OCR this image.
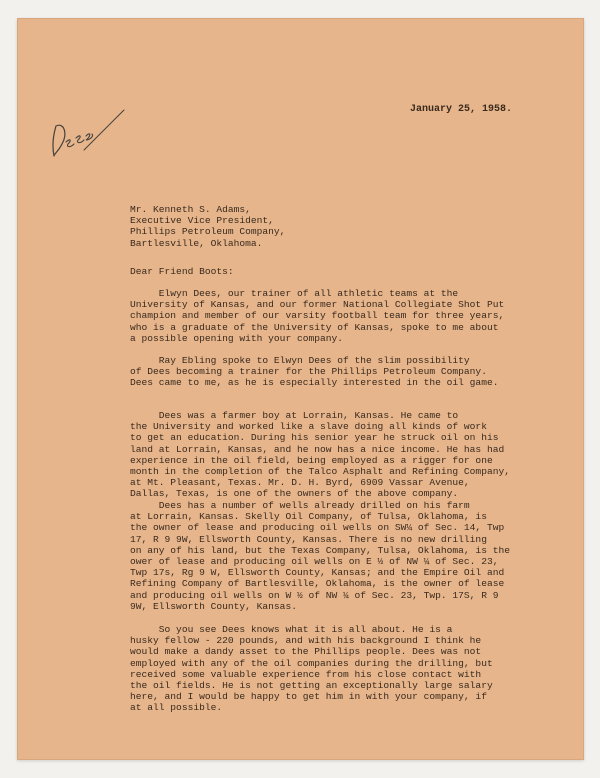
January 25, 1958.

Mr. Kenneth S. Adams,
Executive Vice President,
Phillips Petroleum Company,
Bartlesville, Oklahoma.

Dear Friend Boots:

Elwyn Dees, our trainer of all athletic teams at the
University of Kansas, and our former National Collegiate Shot Put
champion and member of our varsity football team for three years,
who is a graduate of the University of Kansas, spoke to me about
a possible opening with your company.
Ray Ebling spoke to Elwyn Dees of the slim possibility
of Dees becoming a trainer for the Phillips Petroleum Company.
Dees came to me, as he is especially interested in the oil game.
Dees was a farmer boy at Lorrain, Kansas. He came to
the University and worked like a slave doing all kinds of work
to get an education. During his senior year he struck oil on his
land at Lorrain, Kansas, and he now has a nice income. He has had
experience in the oil field, being employed as a rigger for one
month in the completion of the Talco Asphalt and Refining Company,
at Mt. Pleasant, Texas. Mr. D. H. Byrd, 6909 Vassar Avenue,
Dallas, Texas, is one of the owners of the above company.
Dees has a number of wells already drilled on his farm
at Lorrain, Kansas. Skelly Oil Company, of Tulsa, Oklahoma, is
the owner of lease and producing oil wells on SW¼ of Sec. 14, Twp
17, R 9 9W, Ellsworth County, Kansas. There is no new drilling
on any of his land, but the Texas Company, Tulsa, Oklahoma, is the
ower of lease and producing oil wells on E ½ of NW ¼ of Sec. 23,
Twp 17s, Rg 9 W, Ellsworth County, Kansas; and the Empire Oil and
Refining Company of Bartlesville, Oklahoma, is the owner of lease
and producing oil wells on W ½ of NW ¼ of Sec. 23, Twp. 17S, R 9
9W, Ellsworth County, Kansas.
So you see Dees knows what it is all about. He is a
husky fellow - 220 pounds, and with his background I think he
would make a dandy asset to the Phillips people. Dees was not
employed with any of the oil companies during the drilling, but
received some valuable experience from his close contact with
the oil fields. He is not getting an exceptionally large salary
here, and I would be happy to get him in with your company, if
at all possible.
